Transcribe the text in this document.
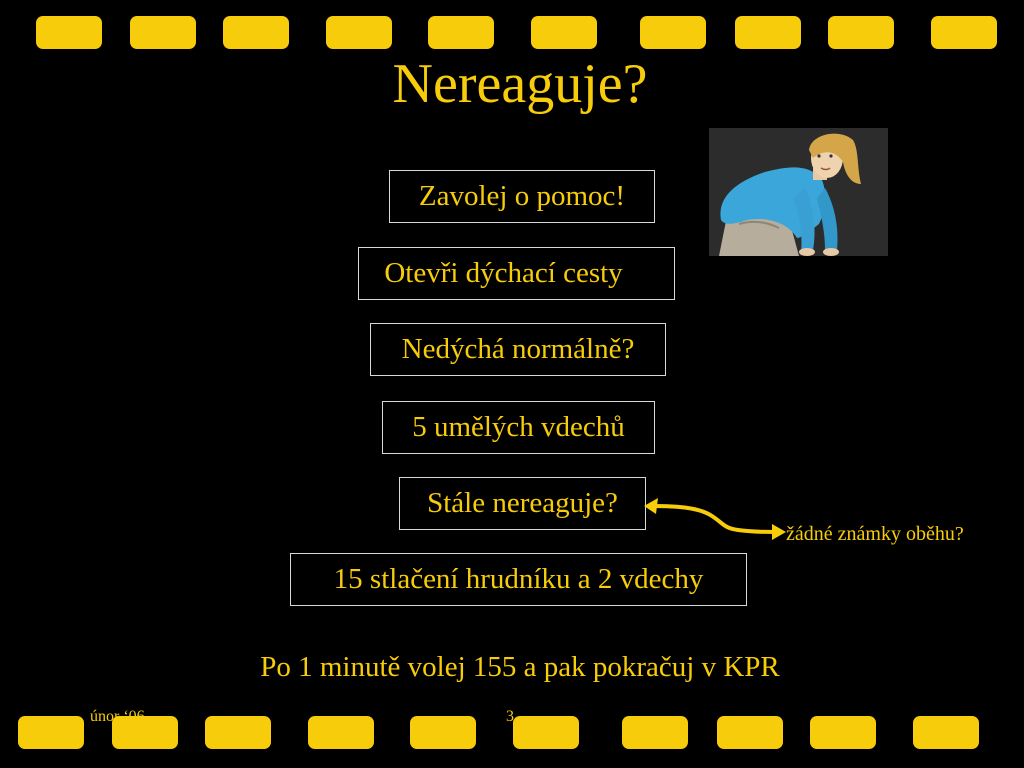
Nereaguje?
Zavolej o pomoc!
Otevři dýchací cesty
Nedýchá normálně?
5 umělých vdechů
Stále nereaguje?
15 stlačení hrudníku a 2 vdechy
žádné známky oběhu?
Po 1 minutě volej 155 a pak pokračuj v KPR
únor ‘06	3
